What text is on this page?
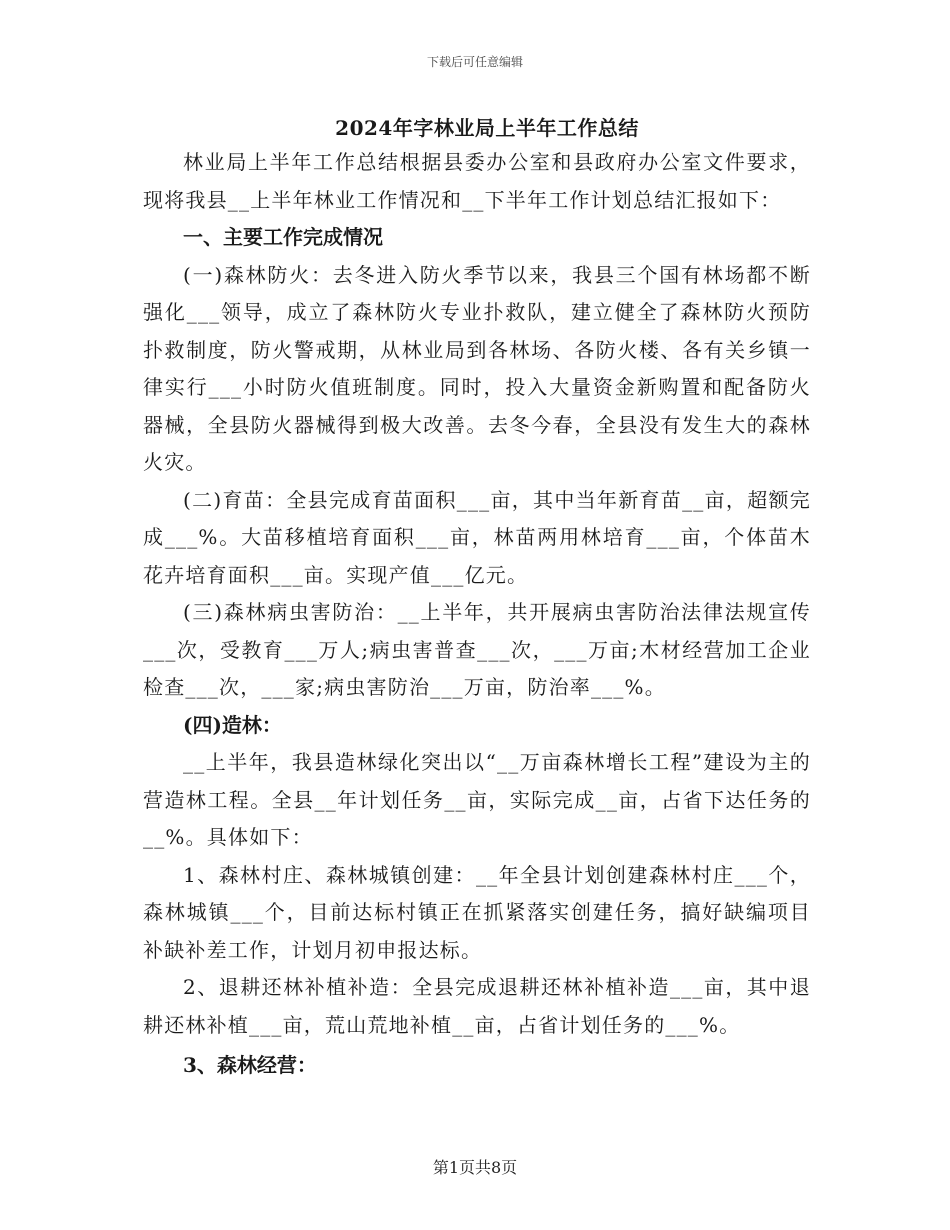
下载后可任意编辑
2024年字林业局上半年工作总结

林业局上半年工作总结根据县委办公室和县政府办公室文件要求，现将我县__上半年林业工作情况和__下半年工作计划总结汇报如下：

一、主要工作完成情况

(一)森林防火：去冬进入防火季节以来，我县三个国有林场都不断强化___领导，成立了森林防火专业扑救队，建立健全了森林防火预防扑救制度，防火警戒期，从林业局到各林场、各防火楼、各有关乡镇一律实行___小时防火值班制度。同时，投入大量资金新购置和配备防火器械，全县防火器械得到极大改善。去冬今春，全县没有发生大的森林火灾。

(二)育苗：全县完成育苗面积___亩，其中当年新育苗__亩，超额完成___%。大苗移植培育面积___亩，林苗两用林培育___亩，个体苗木花卉培育面积___亩。实现产值___亿元。

(三)森林病虫害防治：__上半年，共开展病虫害防治法律法规宣传___次，受教育___万人;病虫害普查___次，___万亩;木材经营加工企业检查___次，___家;病虫害防治___万亩，防治率___%。

(四)造林：

__上半年，我县造林绿化突出以“__万亩森林增长工程”建设为主的营造林工程。全县__年计划任务__亩，实际完成__亩，占省下达任务的__%。具体如下：

1、森林村庄、森林城镇创建：__年全县计划创建森林村庄___个，森林城镇___个，目前达标村镇正在抓紧落实创建任务，搞好缺编项目补缺补差工作，计划月初申报达标。

2、退耕还林补植补造：全县完成退耕还林补植补造___亩，其中退耕还林补植___亩，荒山荒地补植__亩，占省计划任务的___%。

3、森林经营：

第1页共8页
